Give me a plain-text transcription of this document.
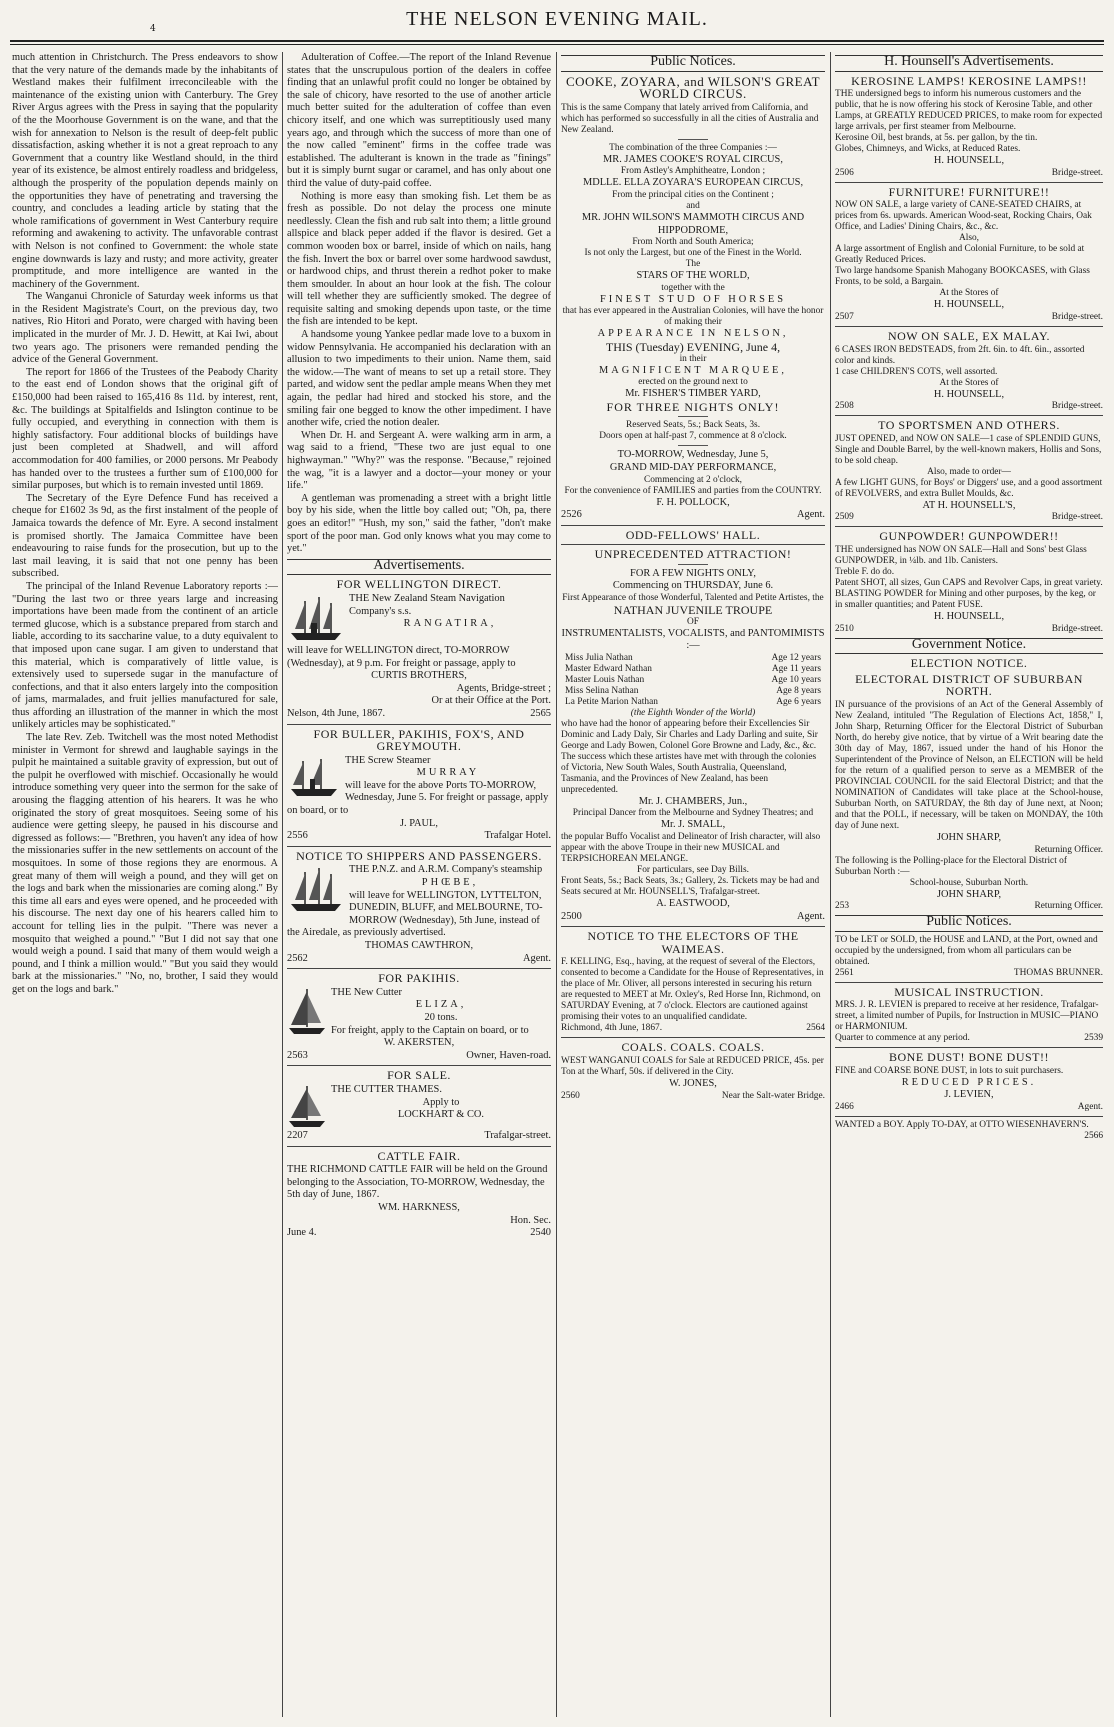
4	THE NELSON EVENING MAIL.

much attention in Christchurch. The Press endeavors to show that the very nature of the demands made by the inhabitants of Westland makes their fulfilment irreconcileable with the maintenance of the existing union with Canterbury. The Grey River Argus agrees with the Press in saying that the popularity of the the Moorhouse Government is on the wane, and that the wish for annexation to Nelson is the result of deep-felt public dissatisfaction, asking whether it is not a great reproach to any Government that a country like Westland should, in the third year of its existence, be almost entirely roadless and bridgeless, although the prosperity of the population depends mainly on the opportunities they have of penetrating and traversing the country, and concludes a leading article by stating that the whole ramifications of government in West Canterbury require reforming and awakening to activity. The unfavorable contrast with Nelson is not confined to Government: the whole state engine downwards is lazy and rusty; and more activity, greater promptitude, and more intelligence are wanted in the machinery of the Government.

The Wanganui Chronicle of Saturday week informs us that in the Resident Magistrate's Court, on the previous day, two natives, Rio Hitori and Porato, were charged with having been implicated in the murder of Mr. J. D. Hewitt, at Kai Iwi, about two years ago. The prisoners were remanded pending the advice of the General Government.

The report for 1866 of the Trustees of the Peabody Charity to the east end of London shows that the original gift of £150,000 had been raised to 165,416 8s 11d. by interest, rent, &c. The buildings at Spitalfields and Islington continue to be fully occupied, and everything in connection with them is highly satisfactory. Four additional blocks of buildings have just been completed at Shadwell, and will afford accommodation for 400 families, or 2000 persons. Mr Peabody has handed over to the trustees a further sum of £100,000 for similar purposes, but which is to remain invested until 1869.

The Secretary of the Eyre Defence Fund has received a cheque for £1602 3s 9d, as the first instalment of the people of Jamaica towards the defence of Mr. Eyre. A second instalment is promised shortly. The Jamaica Committee have been endeavouring to raise funds for the prosecution, but up to the last mail leaving, it is said that not one penny has been subscribed.

The principal of the Inland Revenue Laboratory reports :— "During the last two or three years large and increasing importations have been made from the continent of an article termed glucose, which is a substance prepared from starch and liable, according to its saccharine value, to a duty equivalent to that imposed upon cane sugar. I am given to understand that this material, which is comparatively of little value, is extensively used to supersede sugar in the manufacture of confections, and that it also enters largely into the composition of jams, marmalades, and fruit jellies manufactured for sale, thus affording an illustration of the manner in which the most unlikely articles may be sophisticated."

The late Rev. Zeb. Twitchell was the most noted Methodist minister in Vermont for shrewd and laughable sayings in the pulpit he maintained a suitable gravity of expression, but out of the pulpit he overflowed with mischief. Occasionally he would introduce something very queer into the sermon for the sake of arousing the flagging attention of his hearers. It was he who originated the story of great mosquitoes. Seeing some of his audience were getting sleepy, he paused in his discourse and digressed as follows:— "Brethren, you haven't any idea of how the missionaries suffer in the new settlements on account of the mosquitoes. In some of those regions they are enormous. A great many of them will weigh a pound, and they will get on the logs and bark when the missionaries are coming along." By this time all ears and eyes were opened, and he proceeded with his discourse. The next day one of his hearers called him to account for telling lies in the pulpit. "There was never a mosquito that weighed a pound." "But I did not say that one would weigh a pound. I said that many of them would weigh a pound, and I think a million would." "But you said they would bark at the missionaries." "No, no, brother, I said they would get on the logs and bark."

Adulteration of Coffee.—The report of the Inland Revenue states that the unscrupulous portion of the dealers in coffee finding that an unlawful profit could no longer be obtained by the sale of chicory, have resorted to the use of another article much better suited for the adulteration of coffee than even chicory itself, and one which was surreptitiously used many years ago, and through which the success of more than one of the now called "eminent" firms in the coffee trade was established. The adulterant is known in the trade as "finings" but it is simply burnt sugar or caramel, and has only about one third the value of duty-paid coffee.

Nothing is more easy than smoking fish. Let them be as fresh as possible. Do not delay the process one minute needlessly. Clean the fish and rub salt into them; a little ground allspice and black peper added if the flavor is desired. Get a common wooden box or barrel, inside of which on nails, hang the fish. Invert the box or barrel over some hardwood sawdust, or hardwood chips, and thrust therein a redhot poker to make them smoulder. In about an hour look at the fish. The colour will tell whether they are sufficiently smoked. The degree of requisite salting and smoking depends upon taste, or the time the fish are intended to be kept.

A handsome young Yankee pedlar made love to a buxom in widow Pennsylvania. He accompanied his declaration with an allusion to two impediments to their union. Name them, said the widow.—The want of means to set up a retail store. They parted, and widow sent the pedlar ample means When they met again, the pedlar had hired and stocked his store, and the smiling fair one begged to know the other impediment. I have another wife, cried the notion dealer.

When Dr. H. and Sergeant A. were walking arm in arm, a wag said to a friend, "These two are just equal to one highwayman." "Why?" was the response. "Because," rejoined the wag, "it is a lawyer and a doctor—your money or your life."

A gentleman was promenading a street with a bright little boy by his side, when the little boy called out; "Oh, pa, there goes an editor!" "Hush, my son," said the father, "don't make sport of the poor man. God only knows what you may come to yet."

Advertisements.
FOR WELLINGTON DIRECT.
THE New Zealand Steam Navigation Company's s.s.
RANGATIRA,
will leave for WELLINGTON direct, TO-MORROW (Wednesday), at 9 p.m. For freight or passage, apply to
CURTIS BROTHERS,
Agents, Bridge-street ;
Or at their Office at the Port.
Nelson, 4th June, 1867.	2565
FOR BULLER, PAKIHIS, FOX'S, AND GREYMOUTH.
THE Screw Steamer
MURRAY
will leave for the above Ports TO-MORROW, Wednesday, June 5. For freight or passage, apply on board, or to
J. PAUL,
2556	Trafalgar Hotel.
NOTICE TO SHIPPERS AND PASSENGERS.
THE P.N.Z. and A.R.M. Company's steamship
PHŒBE,
will leave for WELLINGTON, LYTTELTON, DUNEDIN, BLUFF, and MELBOURNE, TO-MORROW (Wednesday), 5th June, instead of the Airedale, as previously advertised.
THOMAS CAWTHRON,
2562	Agent.
FOR PAKIHIS.
THE New Cutter
ELIZA,
20 tons.
For freight, apply to the Captain on board, or to
W. AKERSTEN,
2563	Owner, Haven-road.
FOR SALE.
THE CUTTER THAMES.
Apply to
LOCKHART & CO.
2207	Trafalgar-street.
CATTLE FAIR.
THE RICHMOND CATTLE FAIR will be held on the Ground belonging to the Association, TO-MORROW, Wednesday, the 5th day of June, 1867.
WM. HARKNESS,
Hon. Sec.
June 4.	2540
Public Notices.
COOKE, ZOYARA, and WILSON'S GREAT WORLD CIRCUS.
This is the same Company that lately arrived from California, and which has performed so successfully in all the cities of Australia and New Zealand.
The combination of the three Companies :—
MR. JAMES COOKE'S ROYAL CIRCUS,
From Astley's Amphitheatre, London ;
MDLLE. ELLA ZOYARA'S EUROPEAN CIRCUS,
From the principal cities on the Continent ;
and
MR. JOHN WILSON'S MAMMOTH CIRCUS AND HIPPODROME,
From North and South America;
Is not only the Largest, but one of the Finest in the World.
The
STARS OF THE WORLD,
together with the
FINEST STUD OF HORSES
that has ever appeared in the Australian Colonies, will have the honor of making their
APPEARANCE IN NELSON,
THIS (Tuesday) EVENING, June 4,
in their
MAGNIFICENT MARQUEE,
erected on the ground next to
Mr. FISHER'S TIMBER YARD,
FOR THREE NIGHTS ONLY!
Reserved Seats, 5s.; Back Seats, 3s.
Doors open at half-past 7, commence at 8 o'clock.
TO-MORROW, Wednesday, June 5,
GRAND MID-DAY PERFORMANCE,
Commencing at 2 o'clock,
For the convenience of FAMILIES and parties from the COUNTRY.
F. H. POLLOCK,
2526	Agent.
ODD-FELLOWS' HALL.
UNPRECEDENTED ATTRACTION!
FOR A FEW NIGHTS ONLY,
Commencing on THURSDAY, June 6.
First Appearance of those Wonderful, Talented and Petite Artistes, the
NATHAN JUVENILE TROUPE
OF
INSTRUMENTALISTS, VOCALISTS, and PANTOMIMISTS :—
Miss Julia Nathan	Age 12 years
Master Edward Nathan	Age 11 years
Master Louis Nathan	Age 10 years
Miss Selina Nathan	Age 8 years
La Petite Marion Nathan	Age 6 years
(the Eighth Wonder of the World)
who have had the honor of appearing before their Excellencies Sir Dominic and Lady Daly, Sir Charles and Lady Darling and suite, Sir George and Lady Bowen, Colonel Gore Browne and Lady, &c., &c.
The success which these artistes have met with through the colonies of Victoria, New South Wales, South Australia, Queensland, Tasmania, and the Provinces of New Zealand, has been unprecedented.
Mr. J. CHAMBERS, Jun.,
Principal Dancer from the Melbourne and Sydney Theatres; and
Mr. J. SMALL,
the popular Buffo Vocalist and Delineator of Irish character, will also appear with the above Troupe in their new MUSICAL and TERPSICHOREAN MELANGE.
For particulars, see Day Bills.
Front Seats, 5s.; Back Seats, 3s.; Gallery, 2s. Tickets may be had and Seats secured at Mr. HOUNSELL'S, Trafalgar-street.
A. EASTWOOD,
2500	Agent.
NOTICE TO THE ELECTORS OF THE WAIMEAS.
F. KELLING, Esq., having, at the request of several of the Electors, consented to become a Candidate for the House of Representatives, in the place of Mr. Oliver, all persons interested in securing his return are requested to MEET at Mr. Oxley's, Red Horse Inn, Richmond, on SATURDAY Evening, at 7 o'clock. Electors are cautioned against promising their votes to an unqualified candidate.
Richmond, 4th June, 1867.	2564
COALS. COALS. COALS.
WEST WANGANUI COALS for Sale at REDUCED PRICE, 45s. per Ton at the Wharf, 50s. if delivered in the City.
W. JONES,
2560	Near the Salt-water Bridge.
H. Hounsell's Advertisements.
KEROSINE LAMPS! KEROSINE LAMPS!!
THE undersigned begs to inform his numerous customers and the public, that he is now offering his stock of Kerosine Table, and other Lamps, at GREATLY REDUCED PRICES, to make room for expected large arrivals, per first steamer from Melbourne.
Kerosine Oil, best brands, at 5s. per gallon, by the tin.
Globes, Chimneys, and Wicks, at Reduced Rates.
H. HOUNSELL,
2506	Bridge-street.
FURNITURE! FURNITURE!!
NOW ON SALE, a large variety of CANE-SEATED CHAIRS, at prices from 6s. upwards. American Wood-seat, Rocking Chairs, Oak Office, and Ladies' Dining Chairs, &c., &c.
Also,
A large assortment of English and Colonial Furniture, to be sold at Greatly Reduced Prices.
Two large handsome Spanish Mahogany BOOKCASES, with Glass Fronts, to be sold, a Bargain.
At the Stores of
H. HOUNSELL,
2507	Bridge-street.
NOW ON SALE, EX MALAY.
6 CASES IRON BEDSTEADS, from 2ft. 6in. to 4ft. 6in., assorted color and kinds.
1 case CHILDREN'S COTS, well assorted.
At the Stores of
H. HOUNSELL,
2508	Bridge-street.
TO SPORTSMEN AND OTHERS.
JUST OPENED, and NOW ON SALE—1 case of SPLENDID GUNS, Single and Double Barrel, by the well-known makers, Hollis and Sons, to be sold cheap.
Also, made to order—
A few LIGHT GUNS, for Boys' or Diggers' use, and a good assortment of REVOLVERS, and extra Bullet Moulds, &c.
AT H. HOUNSELL'S,
2509	Bridge-street.
GUNPOWDER! GUNPOWDER!!
THE undersigned has NOW ON SALE—Hall and Sons' best Glass GUNPOWDER, in ¼lb. and 1lb. Canisters.
Treble F. do do.
Patent SHOT, all sizes, Gun CAPS and Revolver Caps, in great variety.
BLASTING POWDER for Mining and other purposes, by the keg, or in smaller quantities; and Patent FUSE.
H. HOUNSELL,
2510	Bridge-street.
Government Notice.
ELECTION NOTICE.
ELECTORAL DISTRICT OF SUBURBAN NORTH.
IN pursuance of the provisions of an Act of the General Assembly of New Zealand, intituled "The Regulation of Elections Act, 1858," I, John Sharp, Returning Officer for the Electoral District of Suburban North, do hereby give notice, that by virtue of a Writ bearing date the 30th day of May, 1867, issued under the hand of his Honor the Superintendent of the Province of Nelson, an ELECTION will be held for the return of a qualified person to serve as a MEMBER of the PROVINCIAL COUNCIL for the said Electoral District; and that the NOMINATION of Candidates will take place at the School-house, Suburban North, on SATURDAY, the 8th day of June next, at Noon; and that the POLL, if necessary, will be taken on MONDAY, the 10th day of June next.
JOHN SHARP,
Returning Officer.
The following is the Polling-place for the Electoral District of Suburban North :—
School-house, Suburban North.
JOHN SHARP,
253	Returning Officer.
Public Notices.
TO be LET or SOLD, the HOUSE and LAND, at the Port, owned and occupied by the undersigned, from whom all particulars can be obtained.
2561	THOMAS BRUNNER.
MUSICAL INSTRUCTION.
MRS. J. R. LEVIEN is prepared to receive at her residence, Trafalgar-street, a limited number of Pupils, for Instruction in MUSIC—PIANO or HARMONIUM.
Quarter to commence at any period.	2539
BONE DUST! BONE DUST!!
FINE and COARSE BONE DUST, in lots to suit purchasers.
REDUCED PRICES.
J. LEVIEN,
2466	Agent.
WANTED a BOY. Apply TO-DAY, at OTTO WIESENHAVERN'S.
2566
